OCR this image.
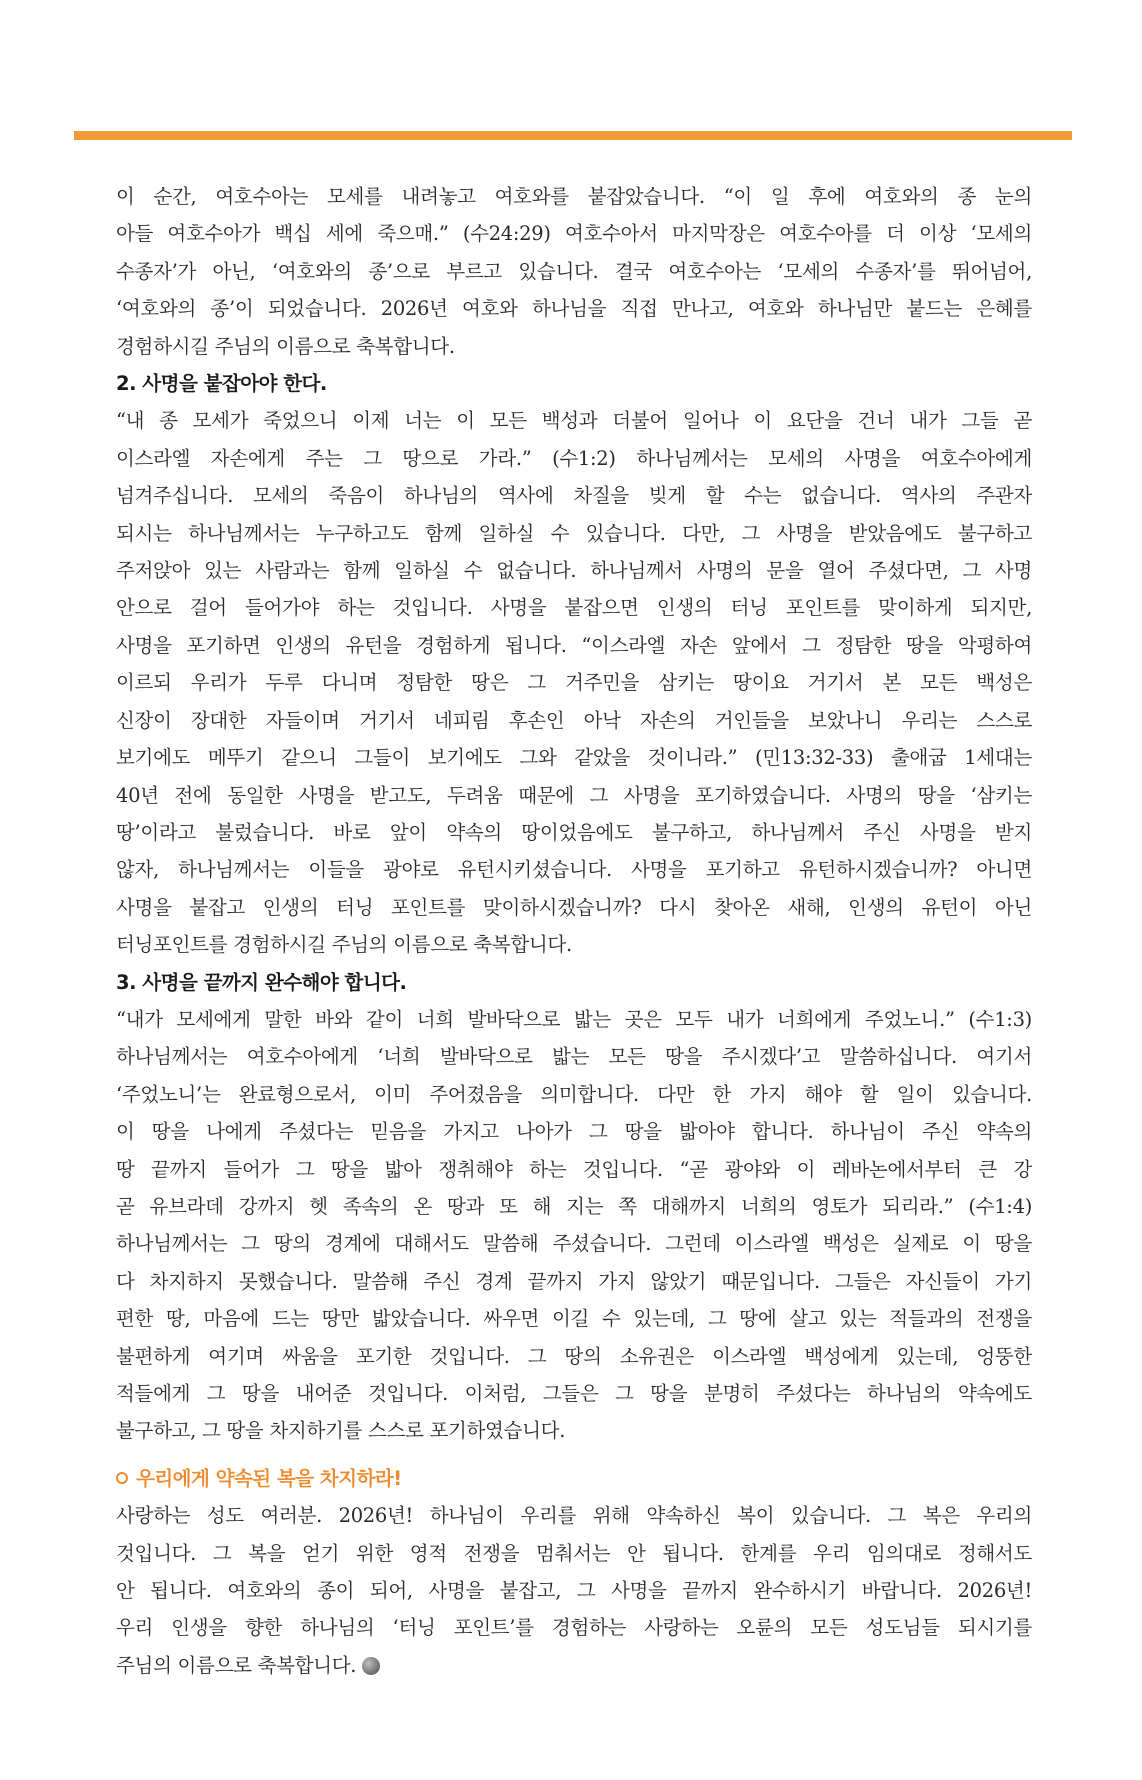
이 순간, 여호수아는 모세를 내려놓고 여호와를 붙잡았습니다. “이 일 후에 여호와의 종 눈의

아들 여호수아가 백십 세에 죽으매.” (수24:29) 여호수아서 마지막장은 여호수아를 더 이상 ‘모세의

수종자’가 아닌, ‘여호와의 종’으로 부르고 있습니다. 결국 여호수아는 ‘모세의 수종자’를 뛰어넘어,

‘여호와의 종’이 되었습니다. 2026년 여호와 하나님을 직접 만나고, 여호와 하나님만 붙드는 은혜를

경험하시길 주님의 이름으로 축복합니다.

2. 사명을 붙잡아야 한다.

“내 종 모세가 죽었으니 이제 너는 이 모든 백성과 더불어 일어나 이 요단을 건너 내가 그들 곧

이스라엘 자손에게 주는 그 땅으로 가라.” (수1:2) 하나님께서는 모세의 사명을 여호수아에게

넘겨주십니다. 모세의 죽음이 하나님의 역사에 차질을 빚게 할 수는 없습니다. 역사의 주관자

되시는 하나님께서는 누구하고도 함께 일하실 수 있습니다. 다만, 그 사명을 받았음에도 불구하고

주저앉아 있는 사람과는 함께 일하실 수 없습니다. 하나님께서 사명의 문을 열어 주셨다면, 그 사명

안으로 걸어 들어가야 하는 것입니다. 사명을 붙잡으면 인생의 터닝 포인트를 맞이하게 되지만,

사명을 포기하면 인생의 유턴을 경험하게 됩니다. “이스라엘 자손 앞에서 그 정탐한 땅을 악평하여

이르되 우리가 두루 다니며 정탐한 땅은 그 거주민을 삼키는 땅이요 거기서 본 모든 백성은

신장이 장대한 자들이며 거기서 네피림 후손인 아낙 자손의 거인들을 보았나니 우리는 스스로

보기에도 메뚜기 같으니 그들이 보기에도 그와 같았을 것이니라.” (민13:32-33) 출애굽 1세대는

40년 전에 동일한 사명을 받고도, 두려움 때문에 그 사명을 포기하였습니다. 사명의 땅을 ‘삼키는

땅’이라고 불렀습니다. 바로 앞이 약속의 땅이었음에도 불구하고, 하나님께서 주신 사명을 받지

않자, 하나님께서는 이들을 광야로 유턴시키셨습니다. 사명을 포기하고 유턴하시겠습니까? 아니면

사명을 붙잡고 인생의 터닝 포인트를 맞이하시겠습니까? 다시 찾아온 새해, 인생의 유턴이 아닌

터닝포인트를 경험하시길 주님의 이름으로 축복합니다.

3. 사명을 끝까지 완수해야 합니다.

“내가 모세에게 말한 바와 같이 너희 발바닥으로 밟는 곳은 모두 내가 너희에게 주었노니.” (수1:3)

하나님께서는 여호수아에게 ‘너희 발바닥으로 밟는 모든 땅을 주시겠다’고 말씀하십니다. 여기서

‘주었노니’는 완료형으로서, 이미 주어졌음을 의미합니다. 다만 한 가지 해야 할 일이 있습니다.

이 땅을 나에게 주셨다는 믿음을 가지고 나아가 그 땅을 밟아야 합니다. 하나님이 주신 약속의

땅 끝까지 들어가 그 땅을 밟아 쟁취해야 하는 것입니다. “곧 광야와 이 레바논에서부터 큰 강

곧 유브라데 강까지 헷 족속의 온 땅과 또 해 지는 쪽 대해까지 너희의 영토가 되리라.” (수1:4)

하나님께서는 그 땅의 경계에 대해서도 말씀해 주셨습니다. 그런데 이스라엘 백성은 실제로 이 땅을

다 차지하지 못했습니다. 말씀해 주신 경계 끝까지 가지 않았기 때문입니다. 그들은 자신들이 가기

편한 땅, 마음에 드는 땅만 밟았습니다. 싸우면 이길 수 있는데, 그 땅에 살고 있는 적들과의 전쟁을

불편하게 여기며 싸움을 포기한 것입니다. 그 땅의 소유권은 이스라엘 백성에게 있는데, 엉뚱한

적들에게 그 땅을 내어준 것입니다. 이처럼, 그들은 그 땅을 분명히 주셨다는 하나님의 약속에도

불구하고, 그 땅을 차지하기를 스스로 포기하였습니다.

우리에게 약속된 복을 차지하라!

사랑하는 성도 여러분. 2026년! 하나님이 우리를 위해 약속하신 복이 있습니다. 그 복은 우리의

것입니다. 그 복을 얻기 위한 영적 전쟁을 멈춰서는 안 됩니다. 한계를 우리 임의대로 정해서도

안 됩니다. 여호와의 종이 되어, 사명을 붙잡고, 그 사명을 끝까지 완수하시기 바랍니다. 2026년!

우리 인생을 향한 하나님의 ‘터닝 포인트’를 경험하는 사랑하는 오륜의 모든 성도님들 되시기를

주님의 이름으로 축복합니다.
